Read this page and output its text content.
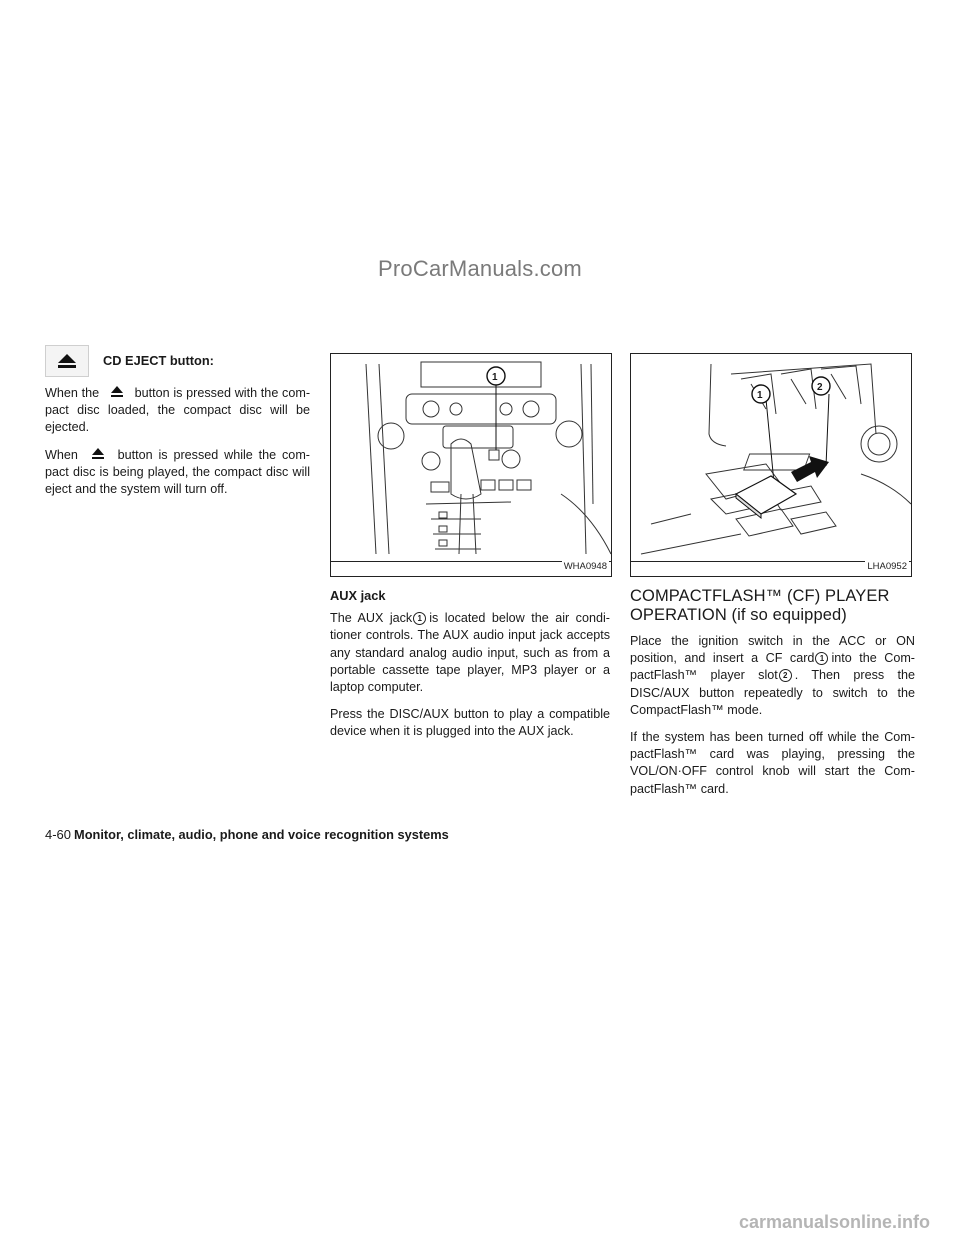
ProCarManuals.com
CD EJECT button:

When the	button is pressed with the com-pact disc loaded, the compact disc will be ejected.

When	button is pressed while the com-pact disc is being played, the compact disc will eject and the system will turn off.

1
WHA0948
AUX jack

The AUX jack 1 is located below the air condi-tioner controls. The AUX audio input jack accepts any standard analog audio input, such as from a portable cassette tape player, MP3 player or a laptop computer.

Press the DISC/AUX button to play a compatible device when it is plugged into the AUX jack.

1
2
LHA0952
COMPACTFLASH™ (CF) PLAYER OPERATION (if so equipped)

Place the ignition switch in the ACC or ON position, and insert a CF card 1 into the Com-pactFlash™ player slot 2 . Then press the DISC/AUX button repeatedly to switch to the CompactFlash™ mode.

If the system has been turned off while the Com-pactFlash™ card was playing, pressing the VOL/ON·OFF control knob will start the Com-pactFlash™ card.

4-60 Monitor, climate, audio, phone and voice recognition systems
carmanualsonline.info
